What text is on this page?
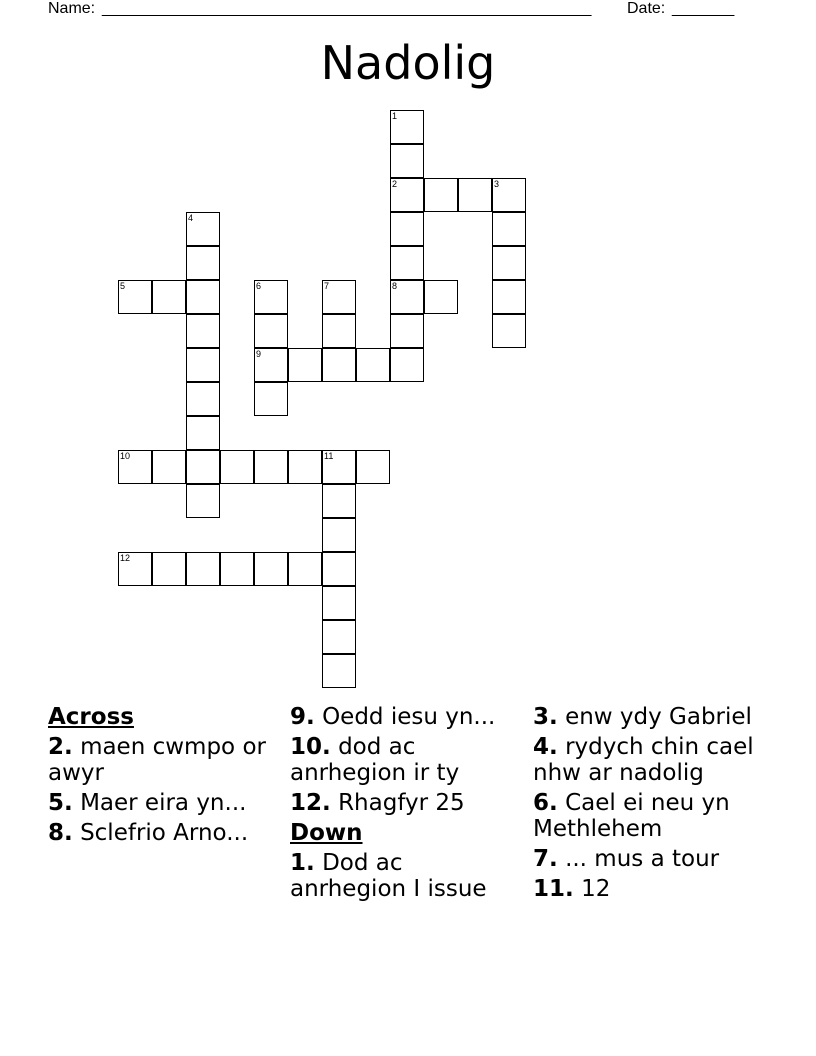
Name: _______________________________________________________ Date: _______
Nadolig
1
2
8
3
4
5	6
9
7
10	11
12
Across
2. maen cwmpo or awyr
5. Maer eira yn...
8. Sclefrio Arno...
9. Oedd iesu yn...
10. dod ac anrhegion ir ty
12. Rhagfyr 25
Down
1. Dod ac anrhegion I issue
3. enw ydy Gabriel
4. rydych chin cael nhw ar nadolig
6. Cael ei neu yn Methlehem
7. ... mus a tour
11. 12
